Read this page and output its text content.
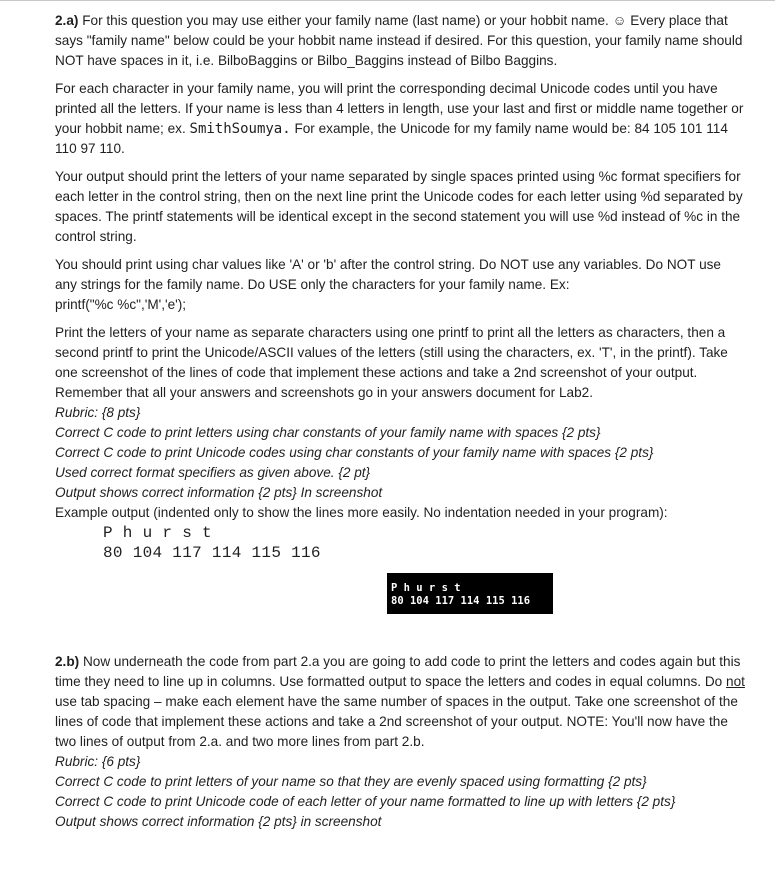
2.a) For this question you may use either your family name (last name) or your hobbit name. ☺ Every place that says "family name" below could be your hobbit name instead if desired. For this question, your family name should NOT have spaces in it, i.e. BilboBaggins or Bilbo_Baggins instead of Bilbo Baggins.

For each character in your family name, you will print the corresponding decimal Unicode codes until you have printed all the letters. If your name is less than 4 letters in length, use your last and first or middle name together or your hobbit name; ex. SmithSoumya. For example, the Unicode for my family name would be: 84 105 101 114 110 97 110.

Your output should print the letters of your name separated by single spaces printed using %c format specifiers for each letter in the control string, then on the next line print the Unicode codes for each letter using %d separated by spaces. The printf statements will be identical except in the second statement you will use %d instead of %c in the control string.

You should print using char values like 'A' or 'b' after the control string. Do NOT use any variables. Do NOT use any strings for the family name. Do USE only the characters for your family name. Ex:
printf("%c %c",'M','e');

Print the letters of your name as separate characters using one printf to print all the letters as characters, then a second printf to print the Unicode/ASCII values of the letters (still using the characters, ex. 'T', in the printf). Take one screenshot of the lines of code that implement these actions and take a 2nd screenshot of your output. Remember that all your answers and screenshots go in your answers document for Lab2.

Rubric: {8 pts}
Correct C code to print letters using char constants of your family name with spaces {2 pts}
Correct C code to print Unicode codes using char constants of your family name with spaces {2 pts}
Used correct format specifiers as given above. {2 pt}
Output shows correct information {2 pts} In screenshot
Example output (indented only to show the lines more easily. No indentation needed in your program):
P h u r s t
80 104 117 114 115 116
P h u r s t
80 104 117 114 115 116

2.b) Now underneath the code from part 2.a you are going to add code to print the letters and codes again but this time they need to line up in columns. Use formatted output to space the letters and codes in equal columns. Do not use tab spacing – make each element have the same number of spaces in the output. Take one screenshot of the lines of code that implement these actions and take a 2nd screenshot of your output. NOTE: You'll now have the two lines of output from 2.a. and two more lines from part 2.b.

Rubric: {6 pts}
Correct C code to print letters of your name so that they are evenly spaced using formatting {2 pts}
Correct C code to print Unicode code of each letter of your name formatted to line up with letters {2 pts}
Output shows correct information {2 pts} in screenshot
